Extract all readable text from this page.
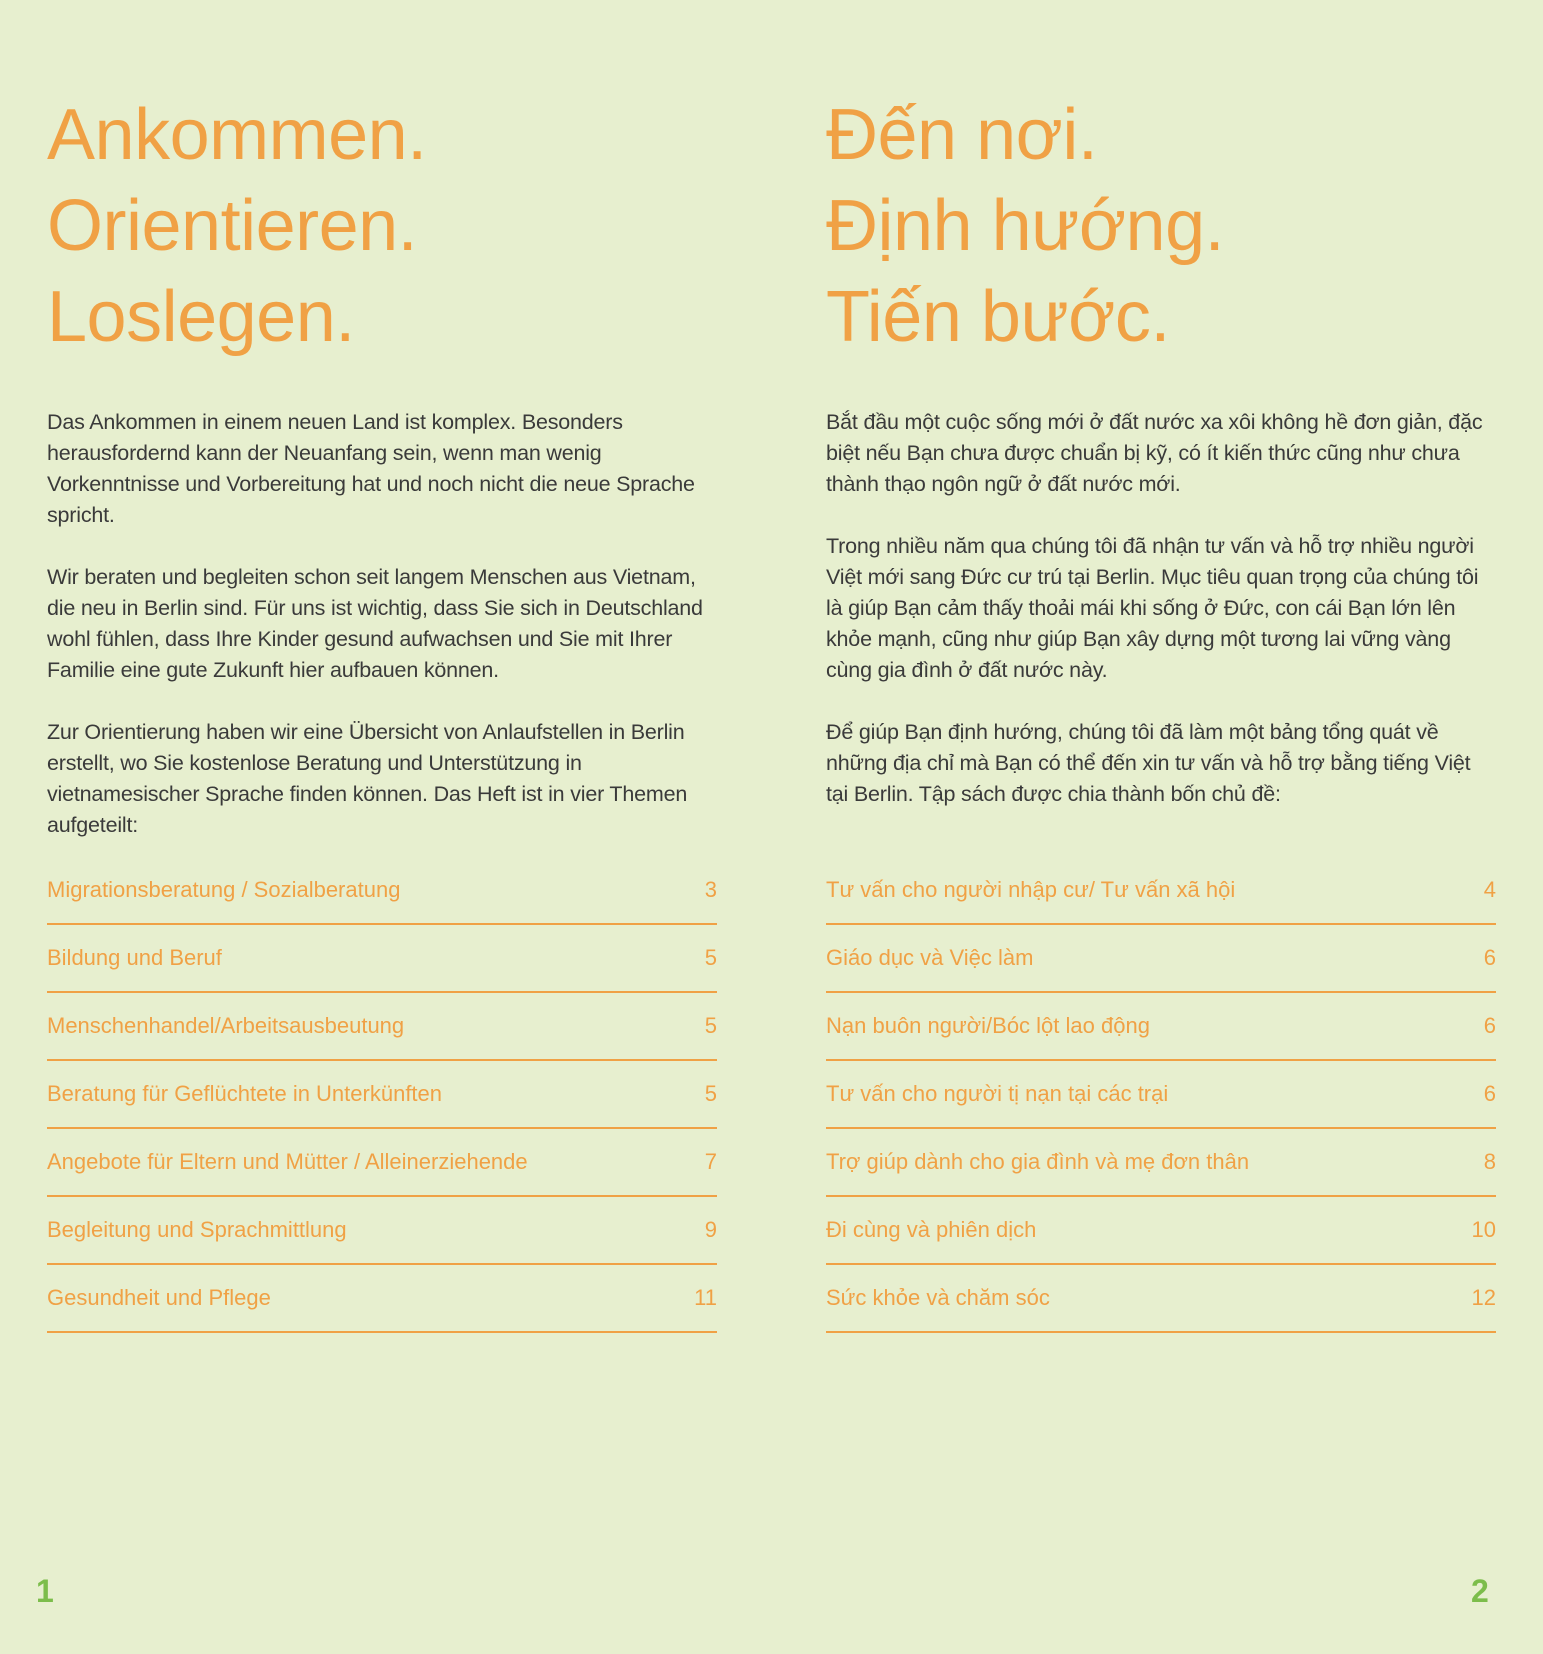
Ankommen.
Orientieren.
Loslegen.

Das Ankommen in einem neuen Land ist komplex. Besonders herausfordernd kann der Neuanfang sein, wenn man wenig Vorkenntnisse und Vorbereitung hat und noch nicht die neue Sprache spricht.

Wir beraten und begleiten schon seit langem Menschen aus Vietnam, die neu in Berlin sind. Für uns ist wichtig, dass Sie sich in Deutschland wohl fühlen, dass Ihre Kinder gesund aufwachsen und Sie mit Ihrer Familie eine gute Zukunft hier aufbauen können.

Zur Orientierung haben wir eine Übersicht von Anlaufstellen in Berlin erstellt, wo Sie kostenlose Beratung und Unterstützung in vietnamesischer Sprache finden können. Das Heft ist in vier Themen aufgeteilt:

Migrationsberatung / Sozialberatung	3
Bildung und Beruf	5
Menschenhandel/Arbeitsausbeutung	5
Beratung für Geflüchtete in Unterkünften	5
Angebote für Eltern und Mütter / Alleinerziehende	7
Begleitung und Sprachmittlung	9
Gesundheit und Pflege	11
Đến nơi.
Định hướng.
Tiến bước.

Bắt đầu một cuộc sống mới ở đất nước xa xôi không hề đơn giản, đặc biệt nếu Bạn chưa được chuẩn bị kỹ, có ít kiến thức cũng như chưa thành thạo ngôn ngữ ở đất nước mới.

Trong nhiều năm qua chúng tôi đã nhận tư vấn và hỗ trợ nhiều người Việt mới sang Đức cư trú tại Berlin. Mục tiêu quan trọng của chúng tôi là giúp Bạn cảm thấy thoải mái khi sống ở Đức, con cái Bạn lớn lên khỏe mạnh, cũng như giúp Bạn xây dựng một tương lai vững vàng cùng gia đình ở đất nước này.

Để giúp Bạn định hướng, chúng tôi đã làm một bảng tổng quát về những địa chỉ mà Bạn có thể đến xin tư vấn và hỗ trợ bằng tiếng Việt tại Berlin. Tập sách được chia thành bốn chủ đề:

Tư vấn cho người nhập cư/ Tư vấn xã hội	4
Giáo dục và Việc làm	6
Nạn buôn người/Bóc lột lao động	6
Tư vấn cho người tị nạn tại các trại	6
Trợ giúp dành cho gia đình và mẹ đơn thân	8
Đi cùng và phiên dịch	10
Sức khỏe và chăm sóc	12
1	2
